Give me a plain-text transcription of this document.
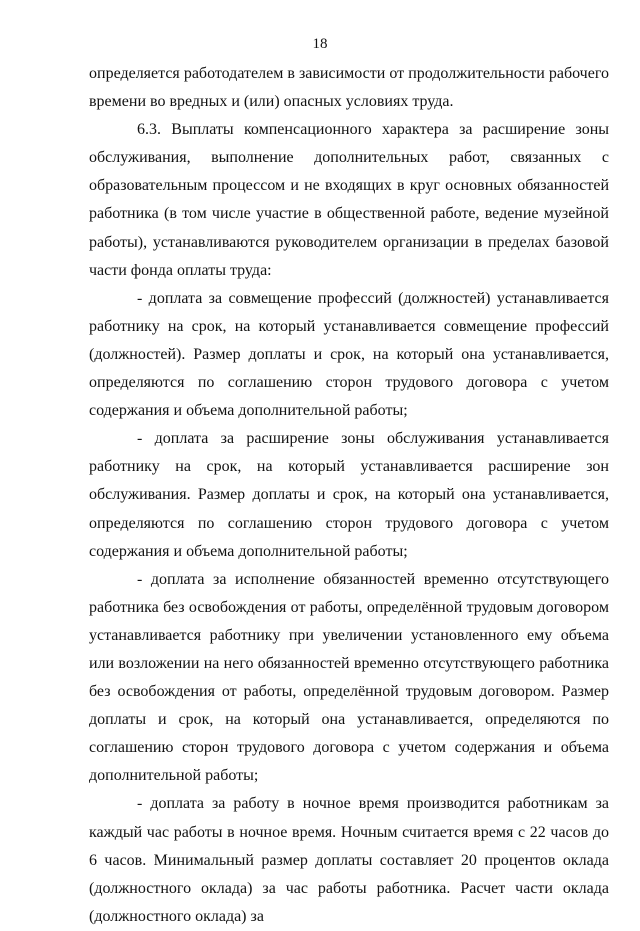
18

определяется работодателем в зависимости от продолжительности рабочего времени во вредных и (или) опасных условиях труда.

6.3. Выплаты компенсационного характера за расширение зоны обслуживания, выполнение дополнительных работ, связанных с образовательным процессом и не входящих в круг основных обязанностей работника (в том числе участие в общественной работе, ведение музейной работы), устанавливаются руководителем организации в пределах базовой части фонда оплаты труда:

- доплата за совмещение профессий (должностей) устанавливается работнику на срок, на который устанавливается совмещение профессий (должностей). Размер доплаты и срок, на который она устанавливается, определяются по соглашению сторон трудового договора с учетом содержания и объема дополнительной работы;

- доплата за расширение зоны обслуживания устанавливается работнику на срок, на который устанавливается расширение зон обслуживания. Размер доплаты и срок, на который она устанавливается, определяются по соглашению сторон трудового договора с учетом содержания и объема дополнительной работы;

- доплата за исполнение обязанностей временно отсутствующего работника без освобождения от работы, определённой трудовым договором устанавливается работнику при увеличении установленного ему объема или возложении на него обязанностей временно отсутствующего работника без освобождения от работы, определённой трудовым договором. Размер доплаты и срок, на который она устанавливается, определяются по соглашению сторон трудового договора с учетом содержания и объема дополнительной работы;

- доплата за работу в ночное время производится работникам за каждый час работы в ночное время. Ночным считается время с 22 часов до 6 часов. Минимальный размер доплаты составляет 20 процентов оклада (должностного оклада) за час работы работника. Расчет части оклада (должностного оклада) за
